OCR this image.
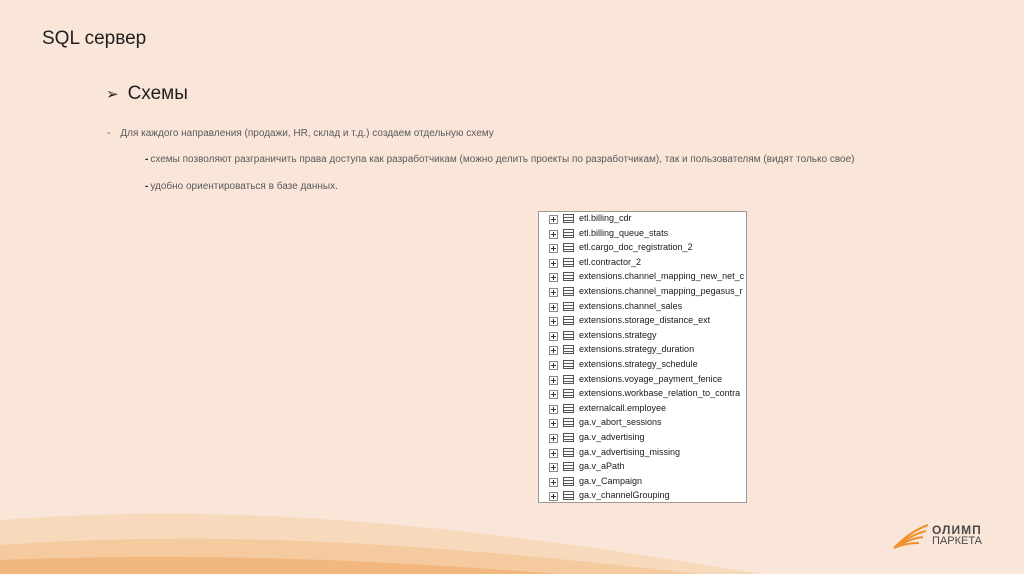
SQL сервер
➢ Схемы
- Для каждого направления (продажи, HR, склад и т.д.) создаем отдельную схему
- схемы позволяют разграничить права доступа как разработчикам (можно делить проекты по разработчикам), так и пользователям (видят только свое)
- удобно ориентироваться в базе данных.
etl.billing_cdr
etl.billing_queue_stats
etl.cargo_doc_registration_2
etl.contractor_2
extensions.channel_mapping_new_net_c
extensions.channel_mapping_pegasus_r
extensions.channel_sales
extensions.storage_distance_ext
extensions.strategy
extensions.strategy_duration
extensions.strategy_schedule
extensions.voyage_payment_fenice
extensions.workbase_relation_to_contra
externalcall.employee
ga.v_abort_sessions
ga.v_advertising
ga.v_advertising_missing
ga.v_aPath
ga.v_Campaign
ga.v_channelGrouping
ОЛИМП
ПАРКЕТА
